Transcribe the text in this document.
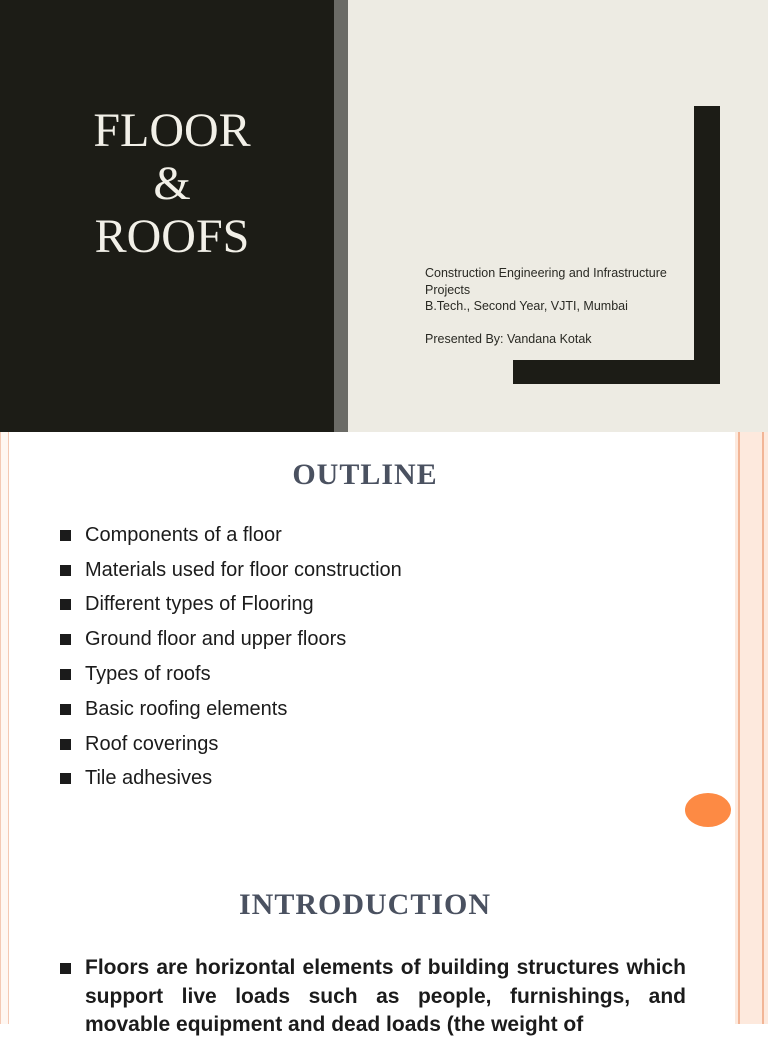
FLOOR
&
ROOFS
Construction Engineering and Infrastructure Projects
B.Tech., Second Year, VJTI, Mumbai
Presented By: Vandana Kotak
OUTLINE
Components of a floor
Materials used for floor construction
Different types of Flooring
Ground floor and upper floors
Types of roofs
Basic roofing elements
Roof coverings
Tile adhesives
INTRODUCTION

Floors are horizontal elements of building structures which support live loads such as people, furnishings, and movable equipment and dead loads (the weight of
